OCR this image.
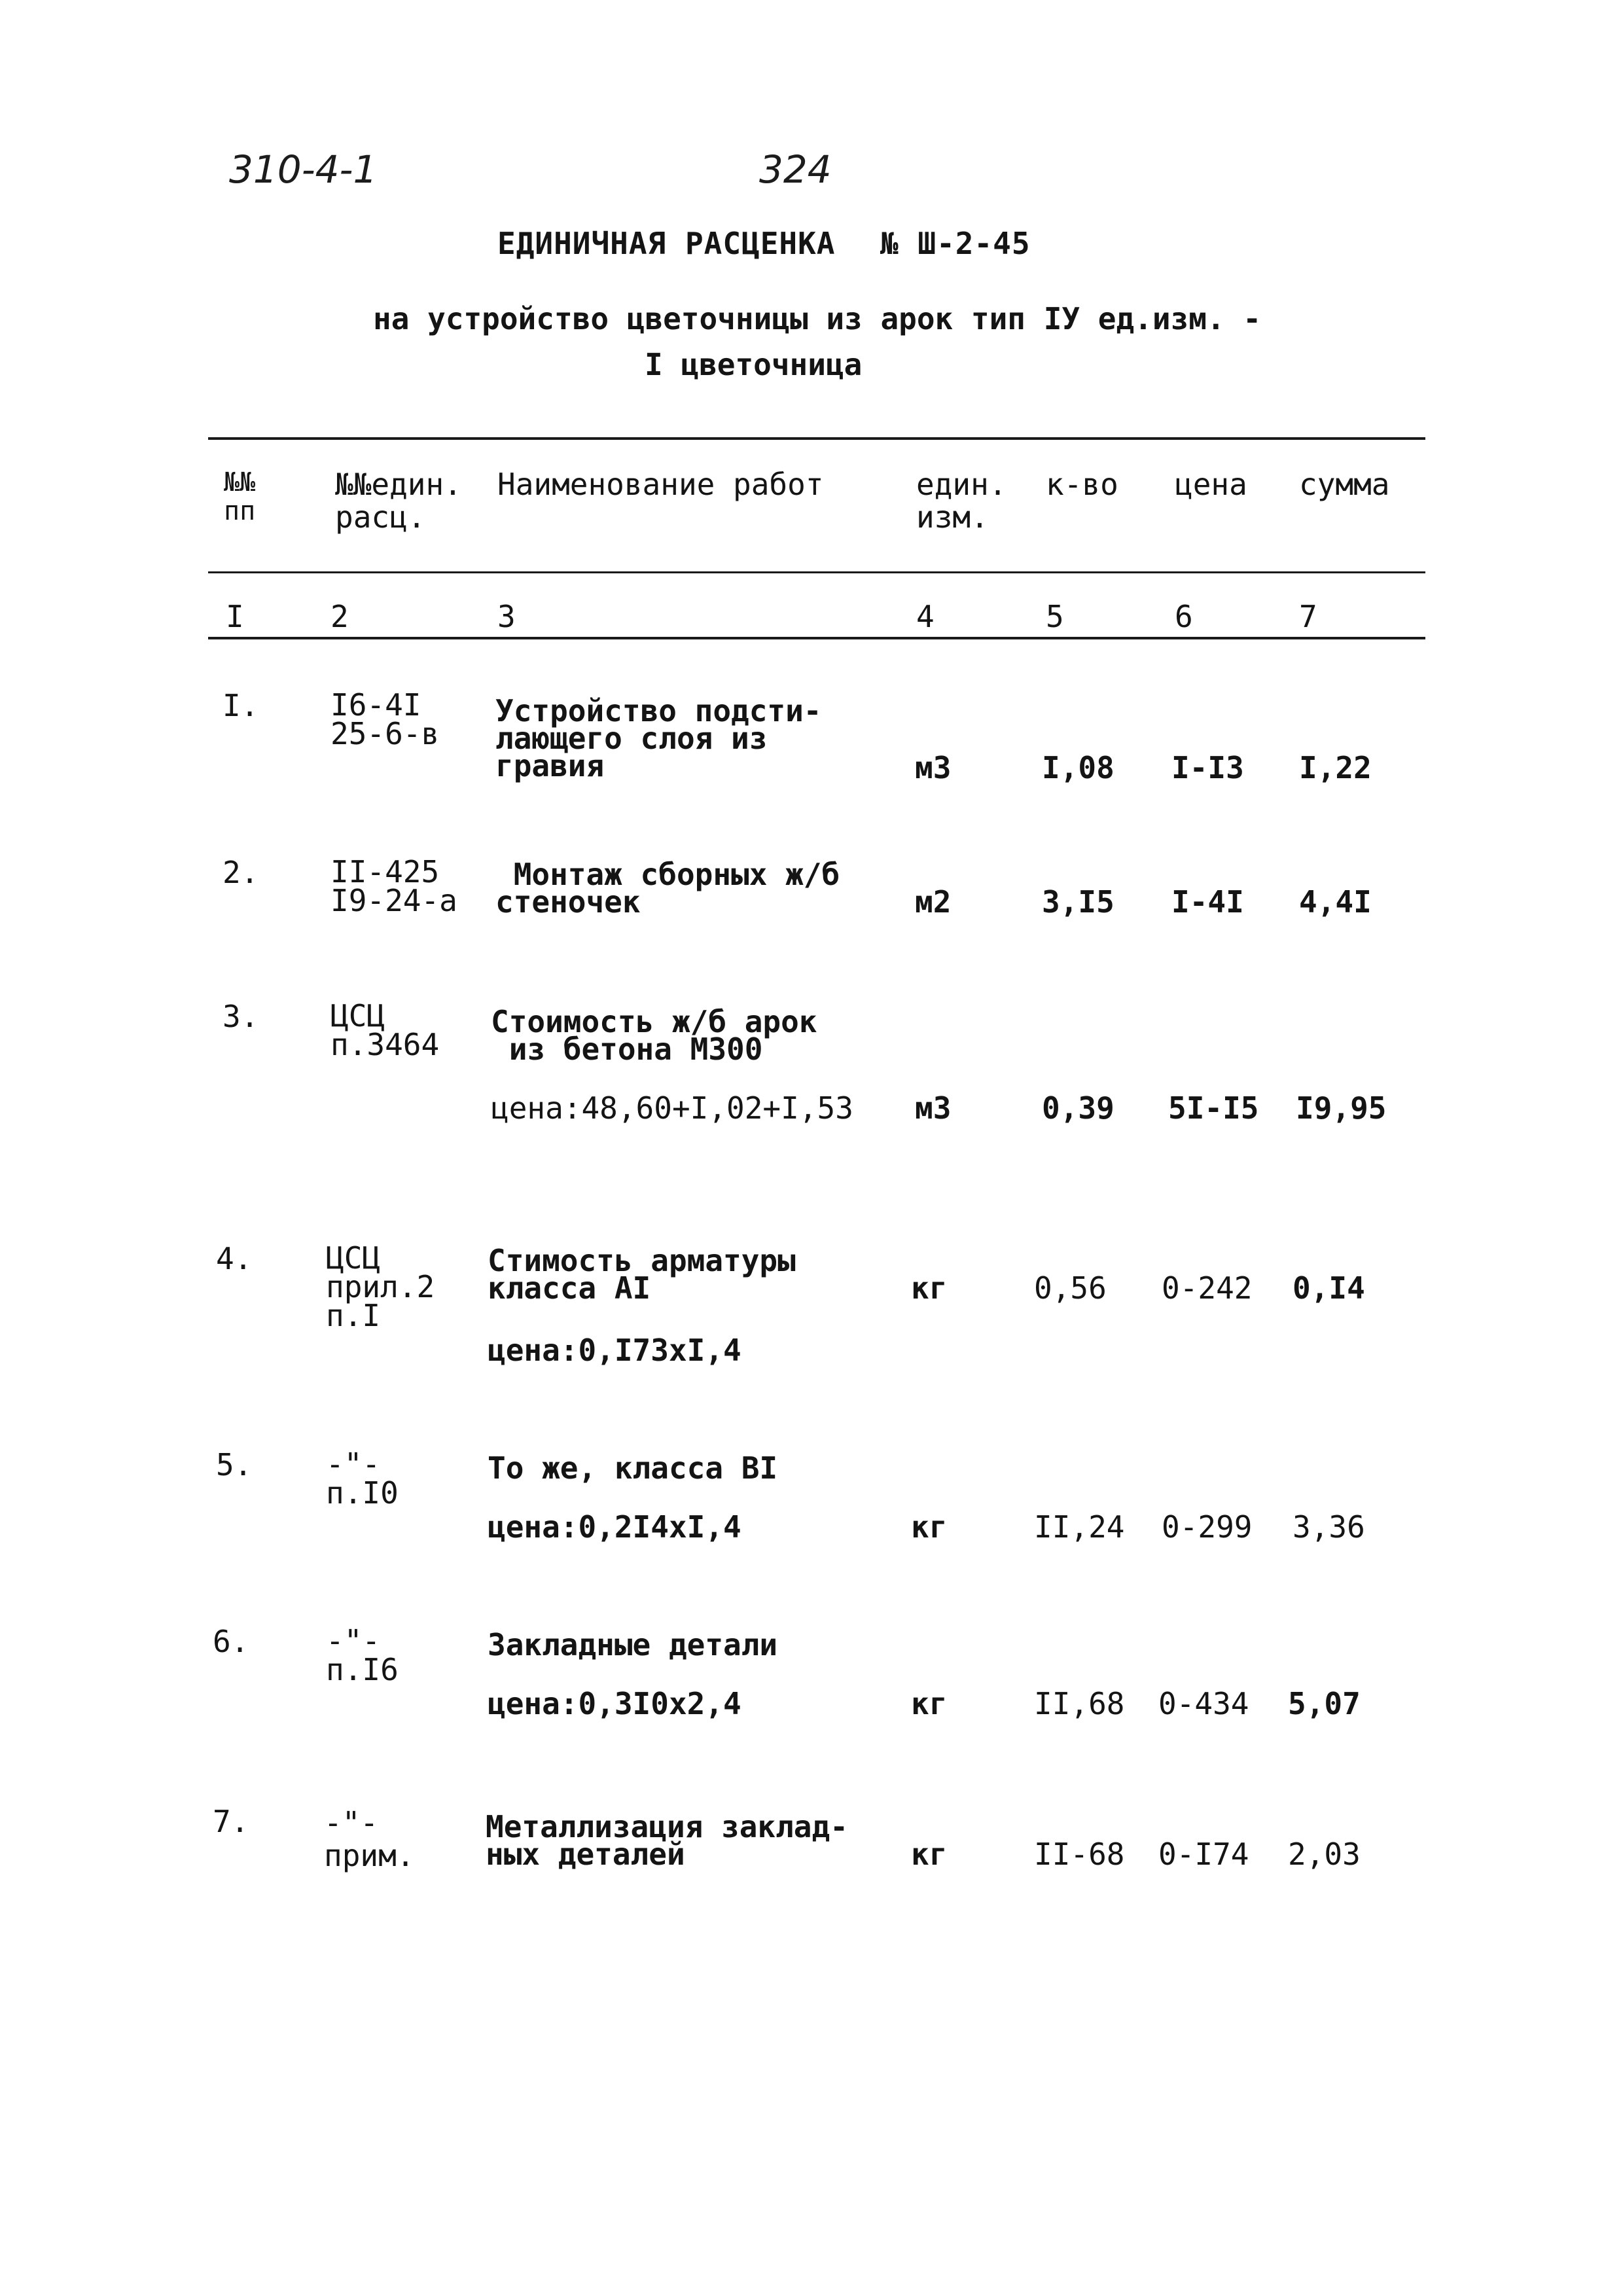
310-4-1	324
ЕДИНИЧНАЯ РАСЦЕНКА № Ш-2-45
на устройство цветочницы из арок тип IУ ед.изм. -
I цветочница
№№
пп
№№един.
расц.
Наименование работ	един.
изм.
к-во цена сумма
I	2	3	4	5	6	7
I. I6-4I
25-6-в
Устройство подсти-
лающего слоя из
гравия	м3	I,08 I-I3 I,22
2. II-425
I9-24-а
Монтаж сборных ж/б
стеночек	м2	3,I5 I-4I 4,4I
3. ЦСЦ
п.3464
Стоимость ж/б арок
из бетона М300
цена:48,60+I,02+I,53 м3	0,39 5I-I5 I9,95
4. ЦСЦ
прил.2
п.I
Стимость арматуры
класса АI
цена:0,I73хI,4
кг	0,56 0-242 0,I4
5. -"-
п.I0
То же, класса ВI
цена:0,2I4хI,4	кг	II,24 0-299 3,36
6.	-"-
п.I6
Закладные детали
цена:0,3I0х2,4	кг	II,68 0-434 5,07
7. -"-
прим.
Металлизация заклад-
ных деталей	кг	II-68 0-I74 2,03
